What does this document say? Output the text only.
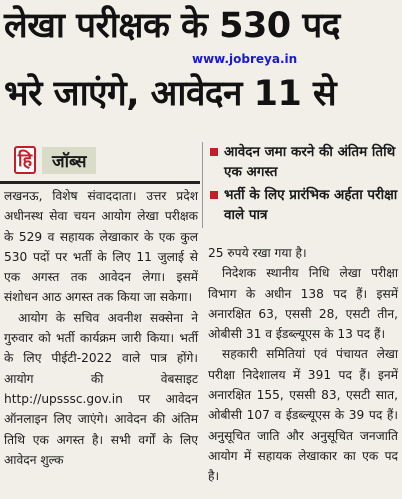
लेखा परीक्षक के 530 पद
भरे जाएंगे, आवेदन 11 से
www.jobreya.in
हि	जॉब्स	आवेदन जमा करने की अंतिम तिथि एक अगस्त
भर्ती के लिए प्रारंभिक अर्हता परीक्षा वाले पात्र

लखनऊ, विशेष संवाददाता। उत्तर प्रदेश अधीनस्थ सेवा चयन आयोग लेखा परीक्षक के 529 व सहायक लेखाकार के एक कुल 530 पदों पर भर्ती के लिए 11 जुलाई से एक अगस्त तक आवेदन लेगा। इसमें संशोधन आठ अगस्त तक किया जा सकेगा।

आयोग के सचिव अवनीश सक्सेना ने गुरुवार को भर्ती कार्यक्रम जारी किया। भर्ती के लिए पीईटी-2022 वाले पात्र होंगे। आयोग की वेबसाइट http://upsssc.gov.in पर आवेदन ऑनलाइन लिए जाएंगे। आवेदन की अंतिम तिथि एक अगस्त है। सभी वर्गों के लिए आवेदन शुल्क

25 रुपये रखा गया है।

निदेशक स्थानीय निधि लेखा परीक्षा विभाग के अधीन 138 पद हैं। इसमें अनारक्षित 63, एससी 28, एसटी तीन, ओबीसी 31 व ईडब्ल्यूएस के 13 पद हैं।

सहकारी समितियां एवं पंचायत लेखा परीक्षा निदेशालय में 391 पद हैं। इनमें अनारक्षित 155, एससी 83, एसटी सात, ओबीसी 107 व ईडब्ल्यूएस के 39 पद हैं। अनुसूचित जाति और अनुसूचित जनजाति आयोग में सहायक लेखाकार का एक पद है।
